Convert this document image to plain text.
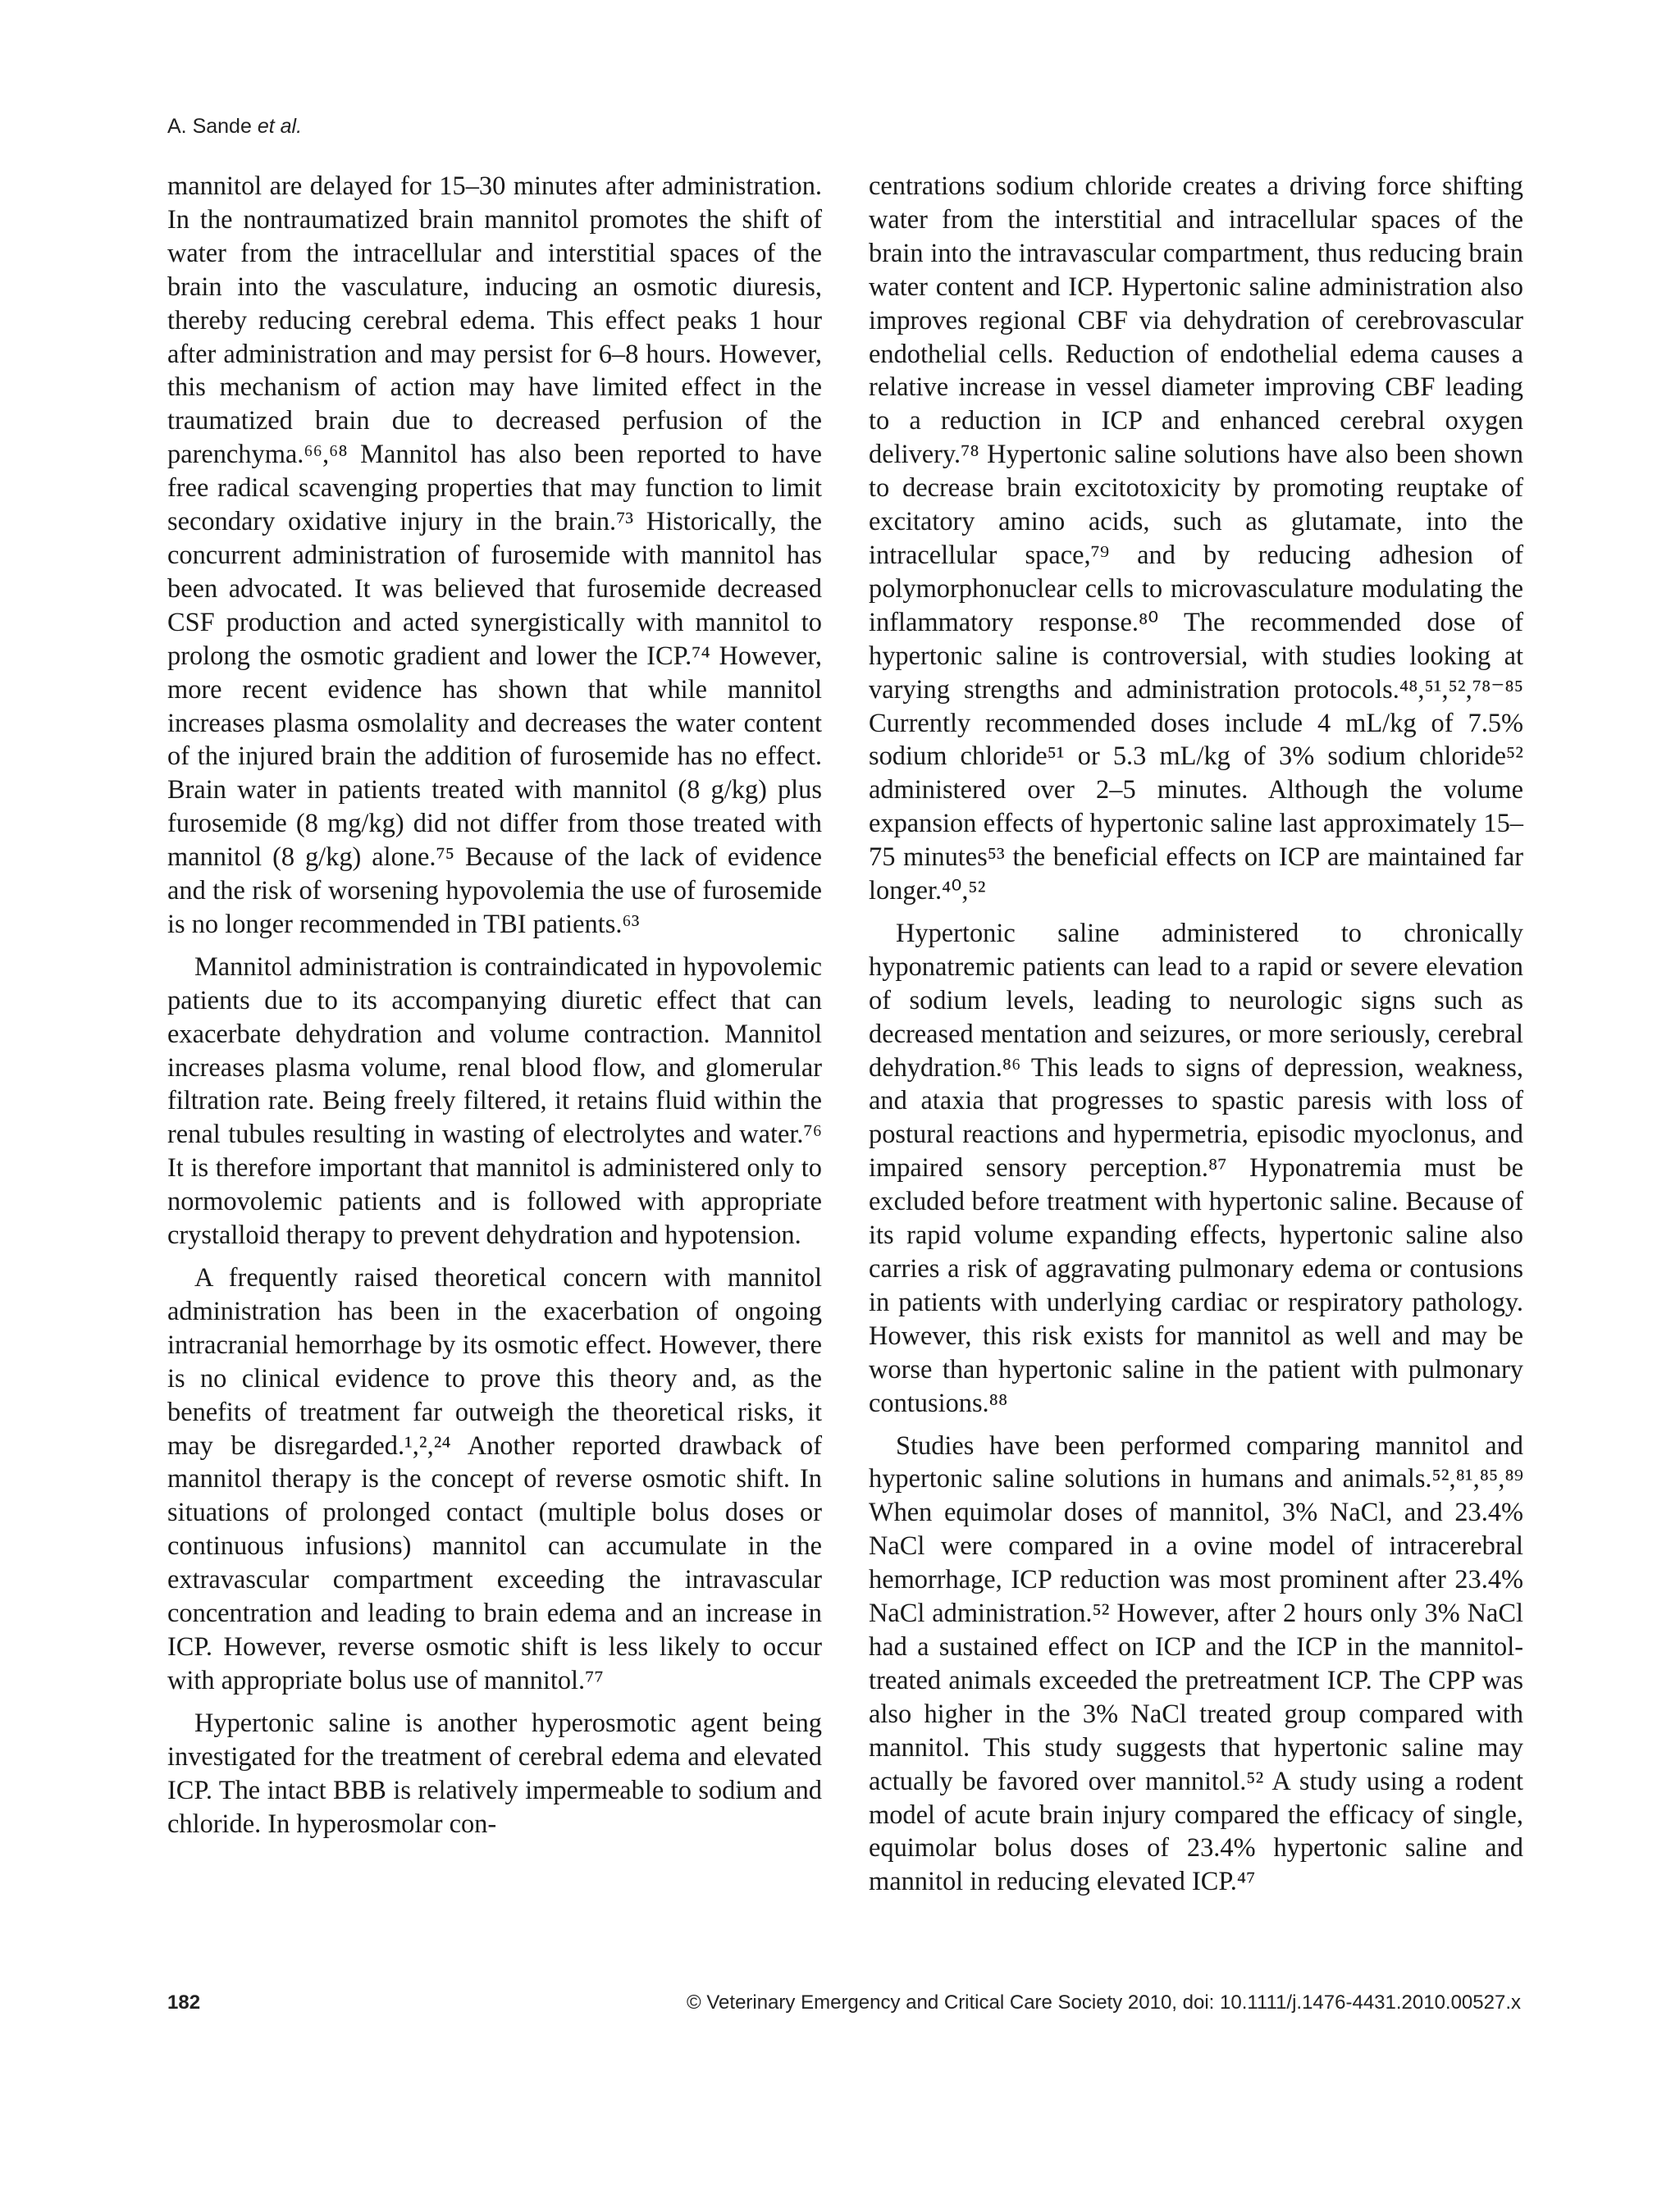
A. Sande et al.

mannitol are delayed for 15–30 minutes after administration. In the nontraumatized brain mannitol promotes the shift of water from the intracellular and interstitial spaces of the brain into the vasculature, inducing an osmotic diuresis, thereby reducing cerebral edema. This effect peaks 1 hour after administration and may persist for 6–8 hours. However, this mechanism of action may have limited effect in the traumatized brain due to decreased perfusion of the parenchyma.⁶⁶,⁶⁸ Mannitol has also been reported to have free radical scavenging properties that may function to limit secondary oxidative injury in the brain.⁷³ Historically, the concurrent administration of furosemide with mannitol has been advocated. It was believed that furosemide decreased CSF production and acted synergistically with mannitol to prolong the osmotic gradient and lower the ICP.⁷⁴ However, more recent evidence has shown that while mannitol increases plasma osmolality and decreases the water content of the injured brain the addition of furosemide has no effect. Brain water in patients treated with mannitol (8 g/kg) plus furosemide (8 mg/kg) did not differ from those treated with mannitol (8 g/kg) alone.⁷⁵ Because of the lack of evidence and the risk of worsening hypovolemia the use of furosemide is no longer recommended in TBI patients.⁶³

Mannitol administration is contraindicated in hypovolemic patients due to its accompanying diuretic effect that can exacerbate dehydration and volume contraction. Mannitol increases plasma volume, renal blood flow, and glomerular filtration rate. Being freely filtered, it retains fluid within the renal tubules resulting in wasting of electrolytes and water.⁷⁶ It is therefore important that mannitol is administered only to normovolemic patients and is followed with appropriate crystalloid therapy to prevent dehydration and hypotension.

A frequently raised theoretical concern with mannitol administration has been in the exacerbation of ongoing intracranial hemorrhage by its osmotic effect. However, there is no clinical evidence to prove this theory and, as the benefits of treatment far outweigh the theoretical risks, it may be disregarded.¹,²,²⁴ Another reported drawback of mannitol therapy is the concept of reverse osmotic shift. In situations of prolonged contact (multiple bolus doses or continuous infusions) mannitol can accumulate in the extravascular compartment exceeding the intravascular concentration and leading to brain edema and an increase in ICP. However, reverse osmotic shift is less likely to occur with appropriate bolus use of mannitol.⁷⁷

Hypertonic saline is another hyperosmotic agent being investigated for the treatment of cerebral edema and elevated ICP. The intact BBB is relatively impermeable to sodium and chloride. In hyperosmolar con-

centrations sodium chloride creates a driving force shifting water from the interstitial and intracellular spaces of the brain into the intravascular compartment, thus reducing brain water content and ICP. Hypertonic saline administration also improves regional CBF via dehydration of cerebrovascular endothelial cells. Reduction of endothelial edema causes a relative increase in vessel diameter improving CBF leading to a reduction in ICP and enhanced cerebral oxygen delivery.⁷⁸ Hypertonic saline solutions have also been shown to decrease brain excitotoxicity by promoting reuptake of excitatory amino acids, such as glutamate, into the intracellular space,⁷⁹ and by reducing adhesion of polymorphonuclear cells to microvasculature modulating the inflammatory response.⁸⁰ The recommended dose of hypertonic saline is controversial, with studies looking at varying strengths and administration protocols.⁴⁸,⁵¹,⁵²,⁷⁸⁻⁸⁵ Currently recommended doses include 4 mL/kg of 7.5% sodium chloride⁵¹ or 5.3 mL/kg of 3% sodium chloride⁵² administered over 2–5 minutes. Although the volume expansion effects of hypertonic saline last approximately 15–75 minutes⁵³ the beneficial effects on ICP are maintained far longer.⁴⁰,⁵²

Hypertonic saline administered to chronically hyponatremic patients can lead to a rapid or severe elevation of sodium levels, leading to neurologic signs such as decreased mentation and seizures, or more seriously, cerebral dehydration.⁸⁶ This leads to signs of depression, weakness, and ataxia that progresses to spastic paresis with loss of postural reactions and hypermetria, episodic myoclonus, and impaired sensory perception.⁸⁷ Hyponatremia must be excluded before treatment with hypertonic saline. Because of its rapid volume expanding effects, hypertonic saline also carries a risk of aggravating pulmonary edema or contusions in patients with underlying cardiac or respiratory pathology. However, this risk exists for mannitol as well and may be worse than hypertonic saline in the patient with pulmonary contusions.⁸⁸

Studies have been performed comparing mannitol and hypertonic saline solutions in humans and animals.⁵²,⁸¹,⁸⁵,⁸⁹ When equimolar doses of mannitol, 3% NaCl, and 23.4% NaCl were compared in a ovine model of intracerebral hemorrhage, ICP reduction was most prominent after 23.4% NaCl administration.⁵² However, after 2 hours only 3% NaCl had a sustained effect on ICP and the ICP in the mannitol-treated animals exceeded the pretreatment ICP. The CPP was also higher in the 3% NaCl treated group compared with mannitol. This study suggests that hypertonic saline may actually be favored over mannitol.⁵² A study using a rodent model of acute brain injury compared the efficacy of single, equimolar bolus doses of 23.4% hypertonic saline and mannitol in reducing elevated ICP.⁴⁷

182	© Veterinary Emergency and Critical Care Society 2010, doi: 10.1111/j.1476-4431.2010.00527.x
